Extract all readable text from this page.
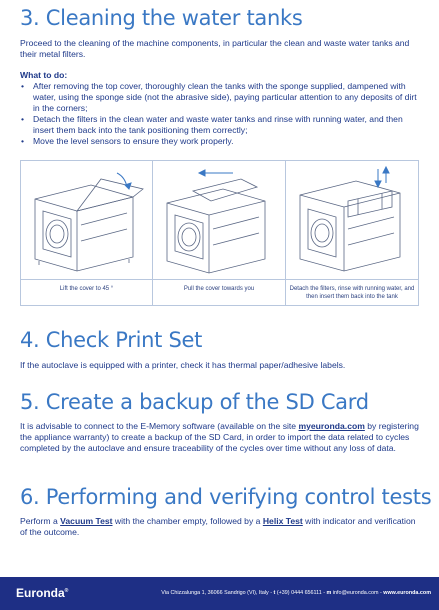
3. Cleaning the water tanks

Proceed to the cleaning of the machine components, in particular the clean and waste water tanks and their metal filters.

What to do:
• After removing the top cover, thoroughly clean the tanks with the sponge supplied, dampened with water, using the sponge side (not the abrasive side), paying particular attention to any deposits of dirt in the corners;
• Detach the filters in the clean water and waste water tanks and rinse with running water, and then insert them back into the tank positioning them correctly;
• Move the level sensors to ensure they work properly.
Lift the cover to 45 °	Pull the cover towards you	Detach the filters, rinse with running water, and then insert them back into the tank
4. Check Print Set

If the autoclave is equipped with a printer, check it has thermal paper/adhesive labels.

5. Create a backup of the SD Card

It is advisable to connect to the E-Memory software (available on the site myeuronda.com by registering the appliance warranty) to create a backup of the SD Card, in order to import the data related to cycles completed by the autoclave and ensure traceability of the cycles over time without any loss of data.

6. Performing and verifying control tests

Perform a Vacuum Test with the chamber empty, followed by a Helix Test with indicator and verification of the outcome.

Euronda®	Via Chizzalunga 1, 36066 Sandrigo (VI), Italy - t (+39) 0444 656111 - m info@euronda.com - www.euronda.com
